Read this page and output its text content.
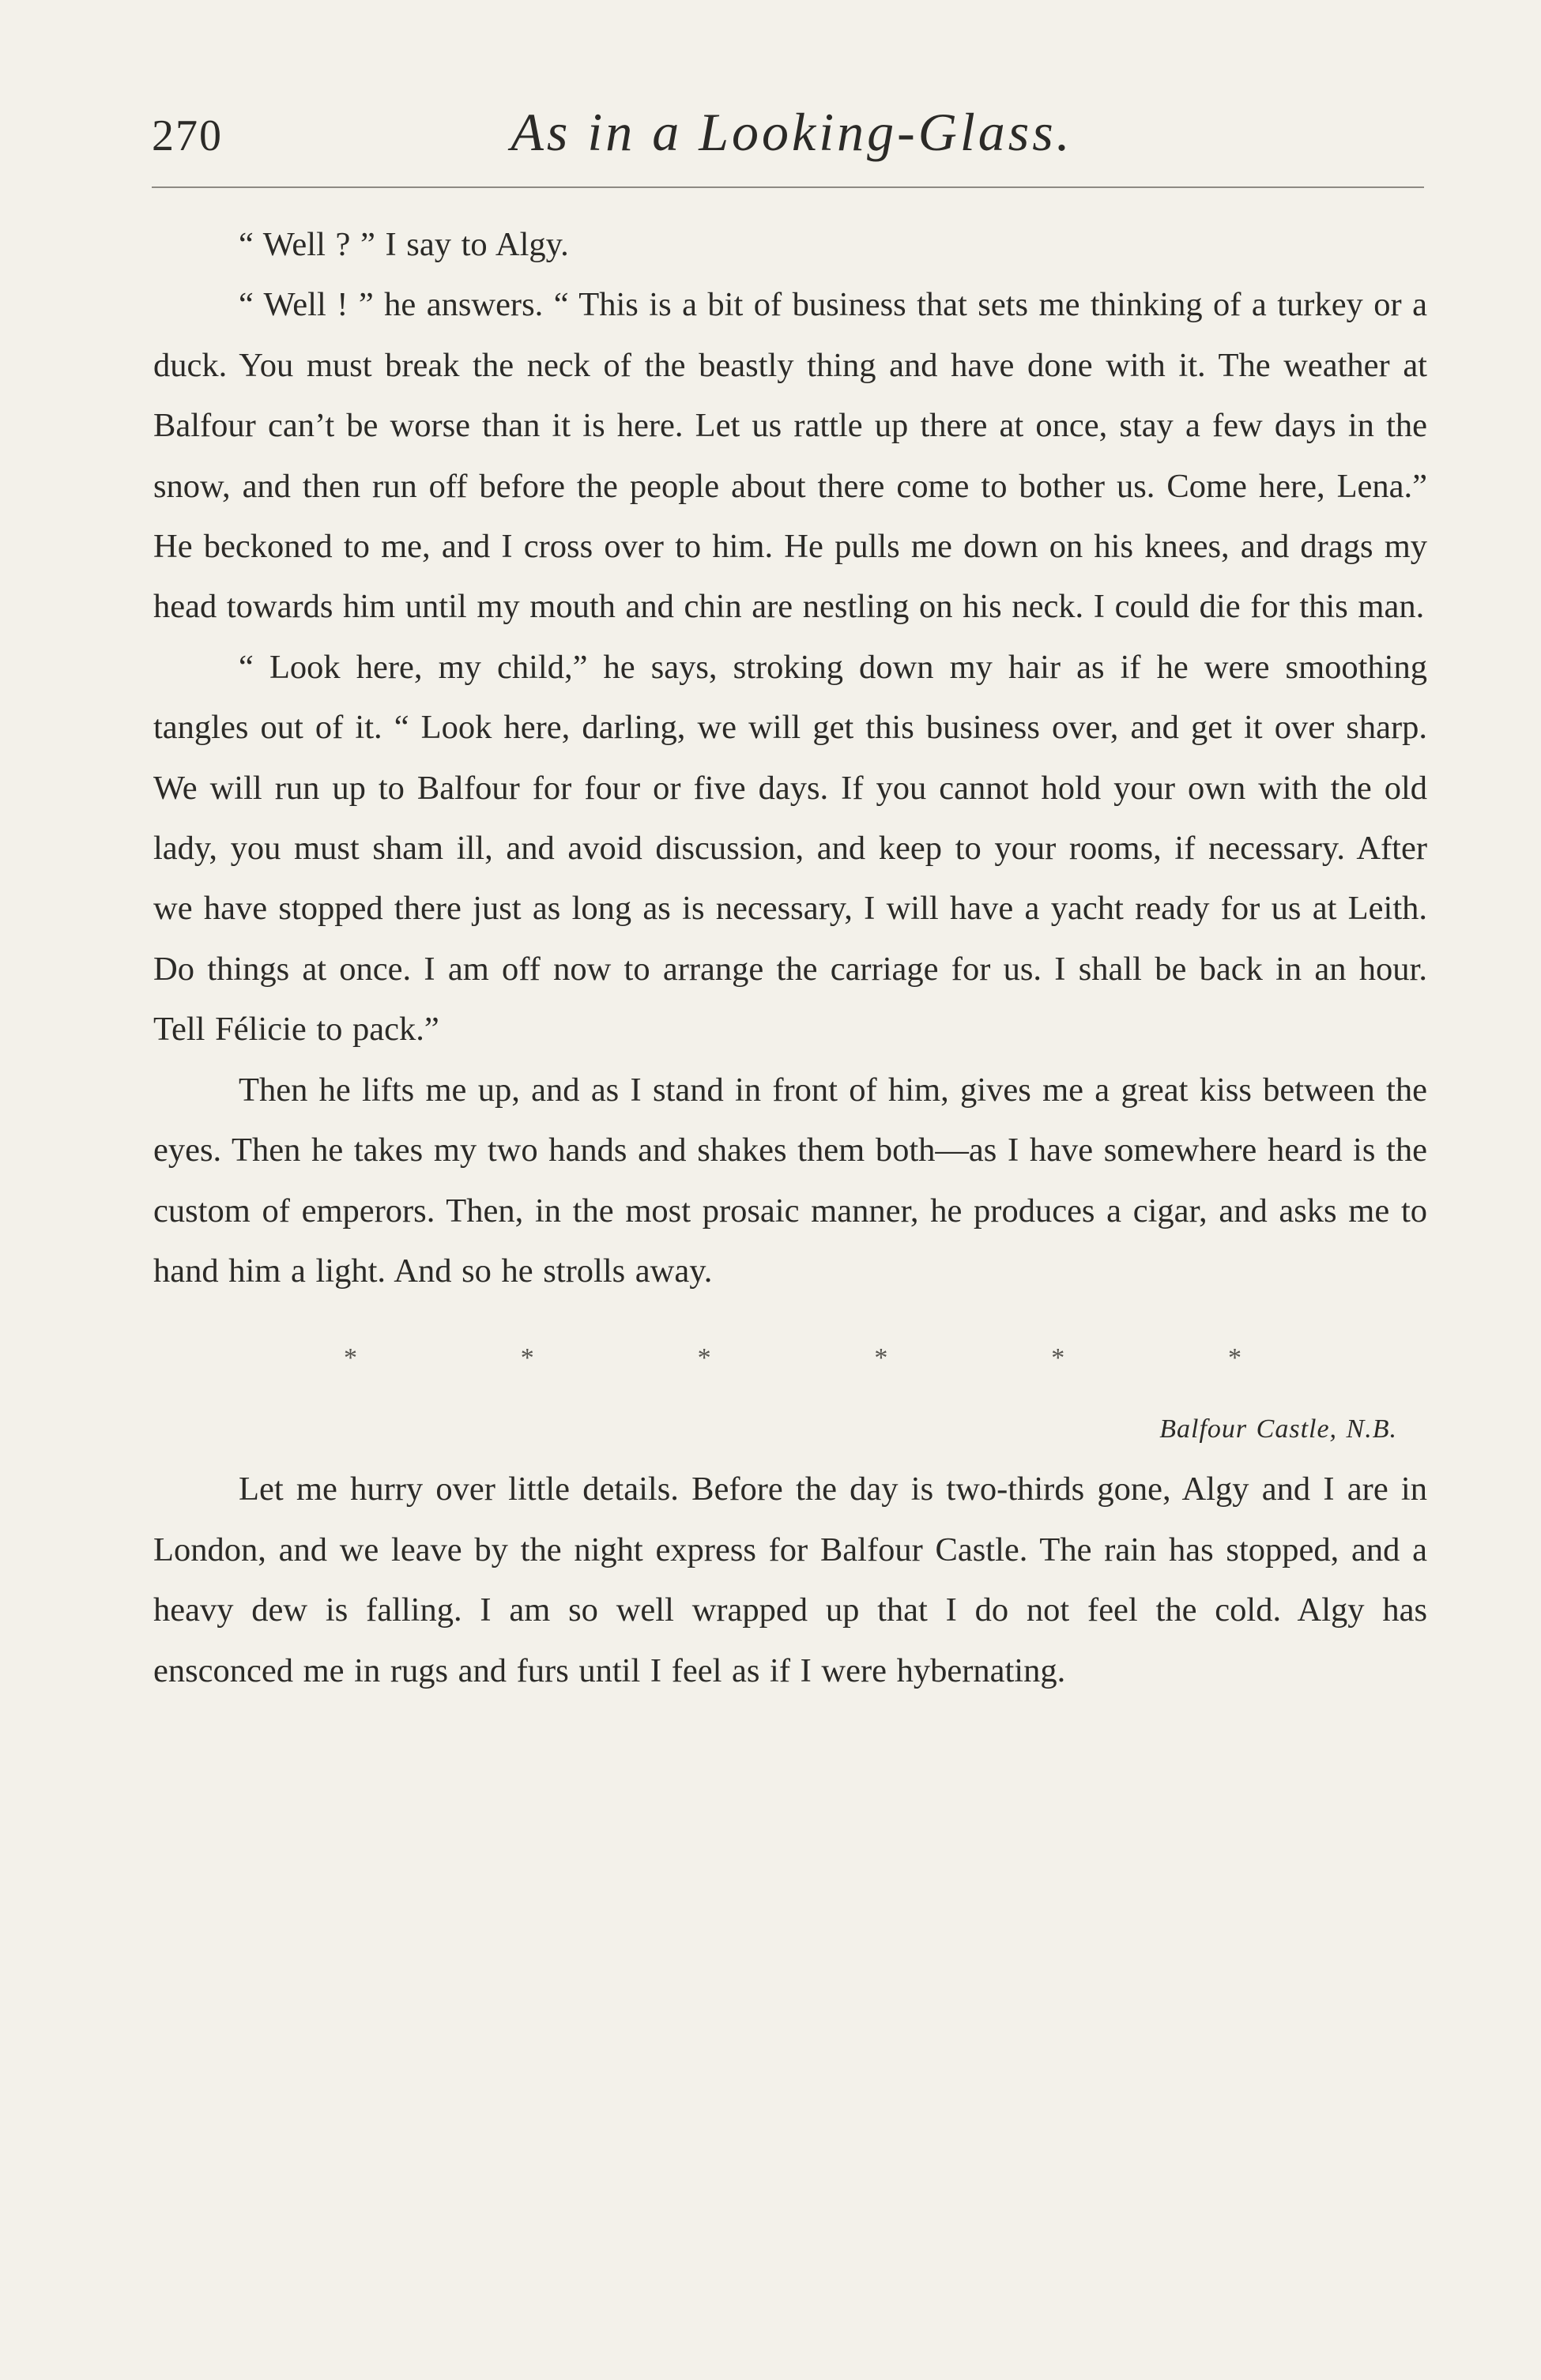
270	As in a Looking-Glass.

“ Well ? ” I say to Algy.

“ Well ! ” he answers. “ This is a bit of business that sets me thinking of a turkey or a duck. You must break the neck of the beastly thing and have done with it. The weather at Balfour can’t be worse than it is here. Let us rattle up there at once, stay a few days in the snow, and then run off before the people about there come to bother us. Come here, Lena.” He beckoned to me, and I cross over to him. He pulls me down on his knees, and drags my head towards him until my mouth and chin are nestling on his neck. I could die for this man.

“ Look here, my child,” he says, stroking down my hair as if he were smoothing tangles out of it. “ Look here, darling, we will get this business over, and get it over sharp. We will run up to Balfour for four or five days. If you cannot hold your own with the old lady, you must sham ill, and avoid discussion, and keep to your rooms, if necessary. After we have stopped there just as long as is necessary, I will have a yacht ready for us at Leith. Do things at once. I am off now to arrange the carriage for us. I shall be back in an hour. Tell Félicie to pack.”

Then he lifts me up, and as I stand in front of him, gives me a great kiss between the eyes. Then he takes my two hands and shakes them both—as I have somewhere heard is the custom of emperors. Then, in the most prosaic manner, he produces a cigar, and asks me to hand him a light. And so he strolls away.

*	*	*	*	*	*
Balfour Castle, N.B.

Let me hurry over little details. Before the day is two-thirds gone, Algy and I are in London, and we leave by the night express for Balfour Castle. The rain has stopped, and a heavy dew is falling. I am so well wrapped up that I do not feel the cold. Algy has ensconced me in rugs and furs until I feel as if I were hybernating.
